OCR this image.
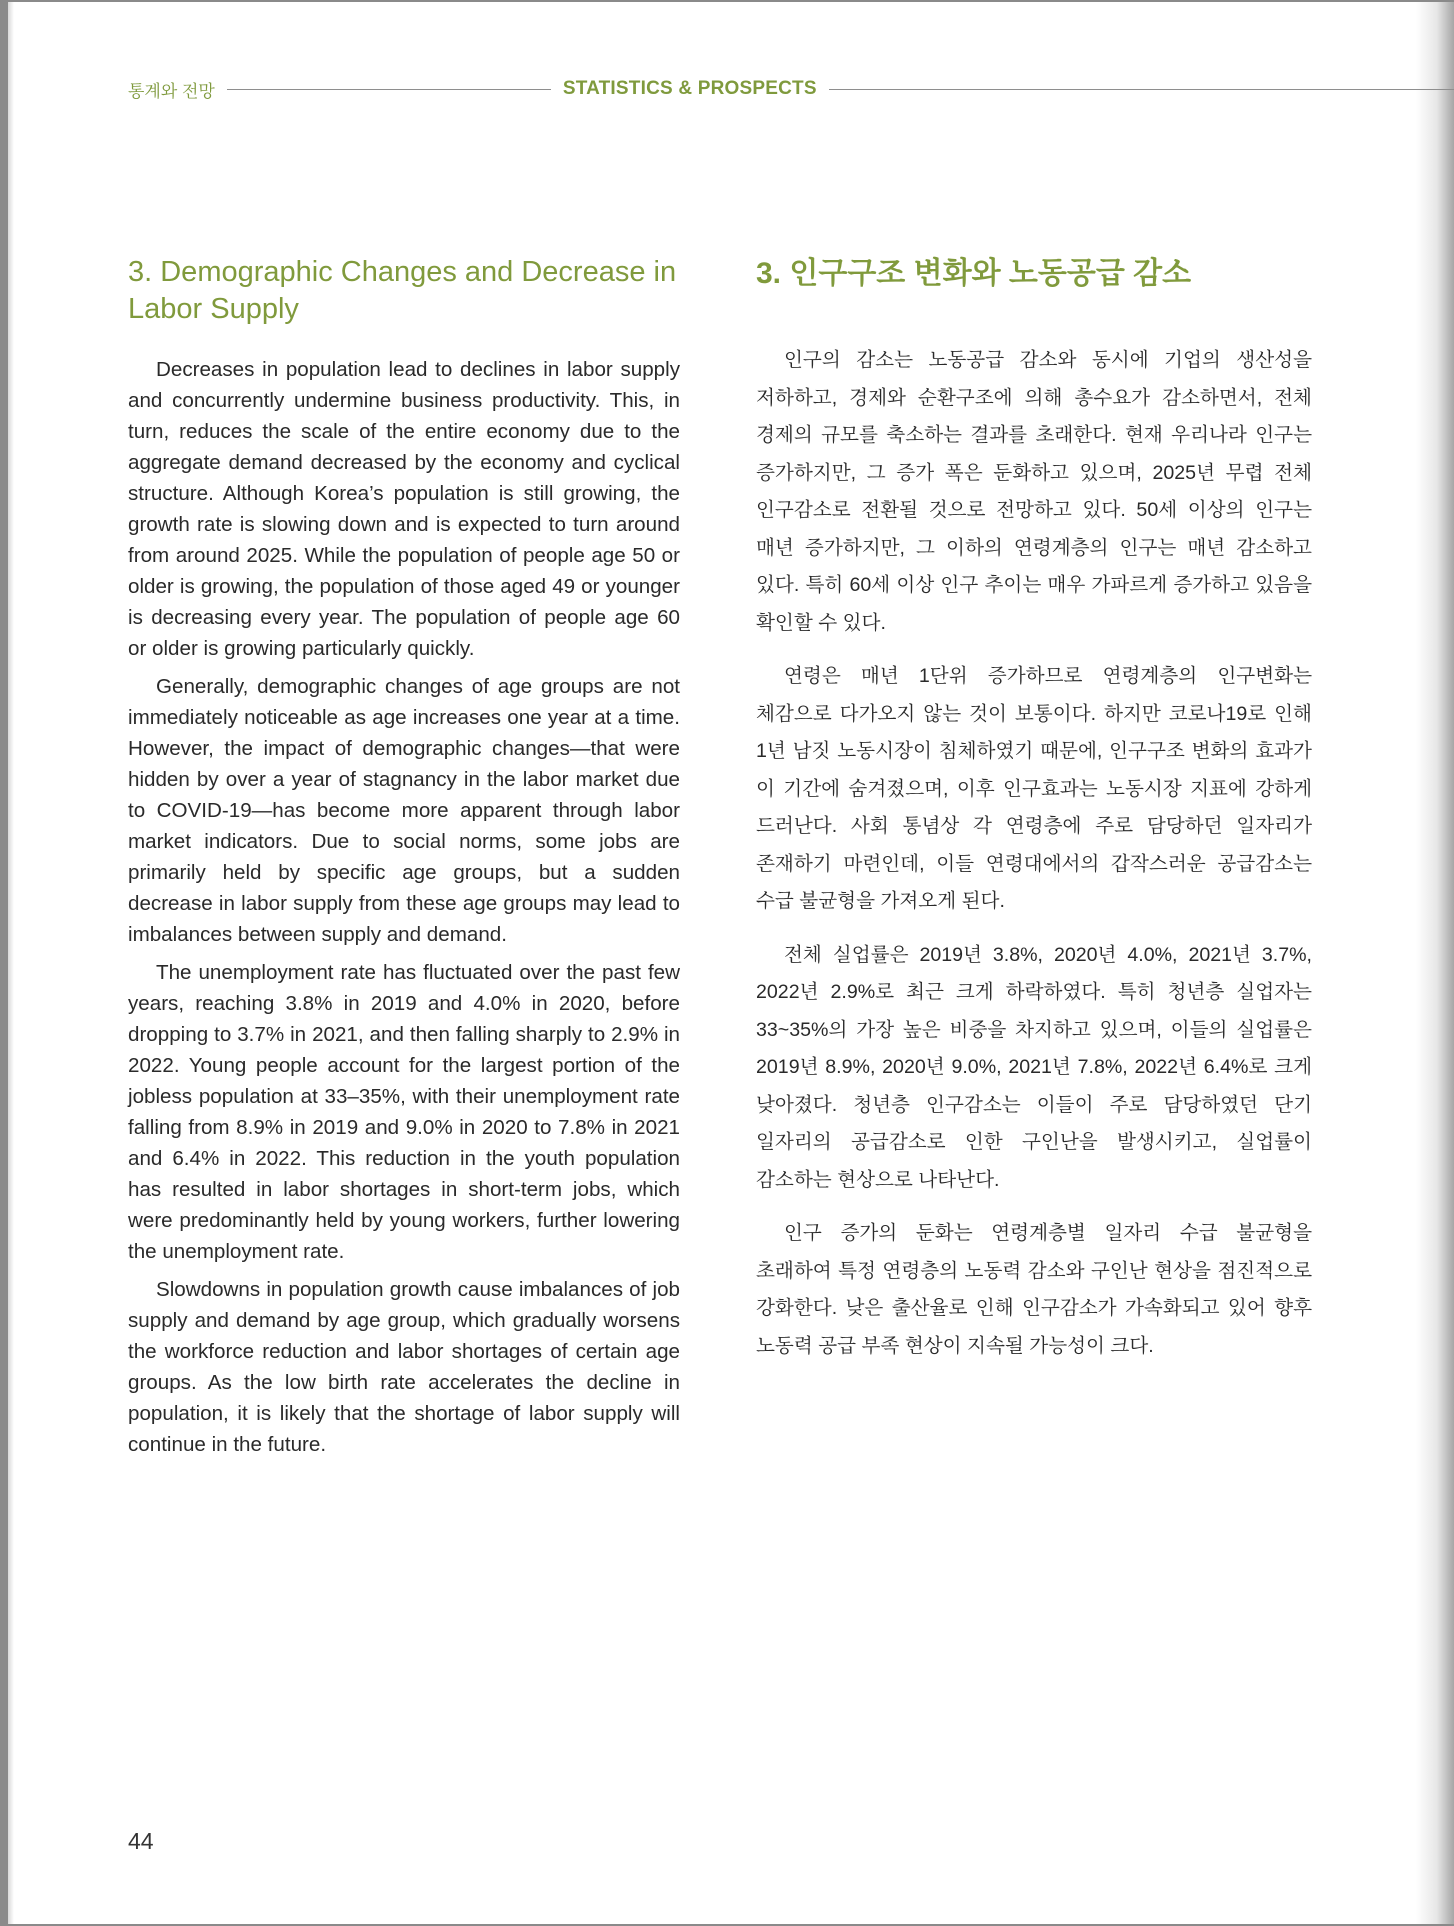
통계와 전망	STATISTICS & PROSPECTS
3. Demographic Changes and Decrease in Labor Supply

Decreases in population lead to declines in labor supply and concurrently undermine business productivity. This, in turn, reduces the scale of the entire economy due to the aggregate demand decreased by the economy and cyclical structure. Although Korea’s population is still growing, the growth rate is slowing down and is expected to turn around from around 2025. While the population of people age 50 or older is growing, the population of those aged 49 or younger is decreasing every year. The population of people age 60 or older is growing particularly quickly.

Generally, demographic changes of age groups are not immediately noticeable as age increases one year at a time. However, the impact of demographic changes—that were hidden by over a year of stagnancy in the labor market due to COVID-19—has become more apparent through labor market indicators. Due to social norms, some jobs are primarily held by specific age groups, but a sudden decrease in labor supply from these age groups may lead to imbalances between supply and demand.

The unemployment rate has fluctuated over the past few years, reaching 3.8% in 2019 and 4.0% in 2020, before dropping to 3.7% in 2021, and then falling sharply to 2.9% in 2022. Young people account for the largest portion of the jobless population at 33–35%, with their unemployment rate falling from 8.9% in 2019 and 9.0% in 2020 to 7.8% in 2021 and 6.4% in 2022. This reduction in the youth population has resulted in labor shortages in short-term jobs, which were predominantly held by young workers, further lowering the unemployment rate.

Slowdowns in population growth cause imbalances of job supply and demand by age group, which gradually worsens the workforce reduction and labor shortages of certain age groups. As the low birth rate accelerates the decline in population, it is likely that the shortage of labor supply will continue in the future.

3. 인구구조 변화와 노동공급 감소

인구의 감소는 노동공급 감소와 동시에 기업의 생산성을 저하하고, 경제와 순환구조에 의해 총수요가 감소하면서, 전체 경제의 규모를 축소하는 결과를 초래한다. 현재 우리나라 인구는 증가하지만, 그 증가 폭은 둔화하고 있으며, 2025년 무렵 전체 인구감소로 전환될 것으로 전망하고 있다. 50세 이상의 인구는 매년 증가하지만, 그 이하의 연령계층의 인구는 매년 감소하고 있다. 특히 60세 이상 인구 추이는 매우 가파르게 증가하고 있음을 확인할 수 있다.

연령은 매년 1단위 증가하므로 연령계층의 인구변화는 체감으로 다가오지 않는 것이 보통이다. 하지만 코로나19로 인해 1년 남짓 노동시장이 침체하였기 때문에, 인구구조 변화의 효과가 이 기간에 숨겨졌으며, 이후 인구효과는 노동시장 지표에 강하게 드러난다. 사회 통념상 각 연령층에 주로 담당하던 일자리가 존재하기 마련인데, 이들 연령대에서의 갑작스러운 공급감소는 수급 불균형을 가져오게 된다.

전체 실업률은 2019년 3.8%, 2020년 4.0%, 2021년 3.7%, 2022년 2.9%로 최근 크게 하락하였다. 특히 청년층 실업자는 33~35%의 가장 높은 비중을 차지하고 있으며, 이들의 실업률은 2019년 8.9%, 2020년 9.0%, 2021년 7.8%, 2022년 6.4%로 크게 낮아졌다. 청년층 인구감소는 이들이 주로 담당하였던 단기 일자리의 공급감소로 인한 구인난을 발생시키고, 실업률이 감소하는 현상으로 나타난다.

인구 증가의 둔화는 연령계층별 일자리 수급 불균형을 초래하여 특정 연령층의 노동력 감소와 구인난 현상을 점진적으로 강화한다. 낮은 출산율로 인해 인구감소가 가속화되고 있어 향후 노동력 공급 부족 현상이 지속될 가능성이 크다.

44
